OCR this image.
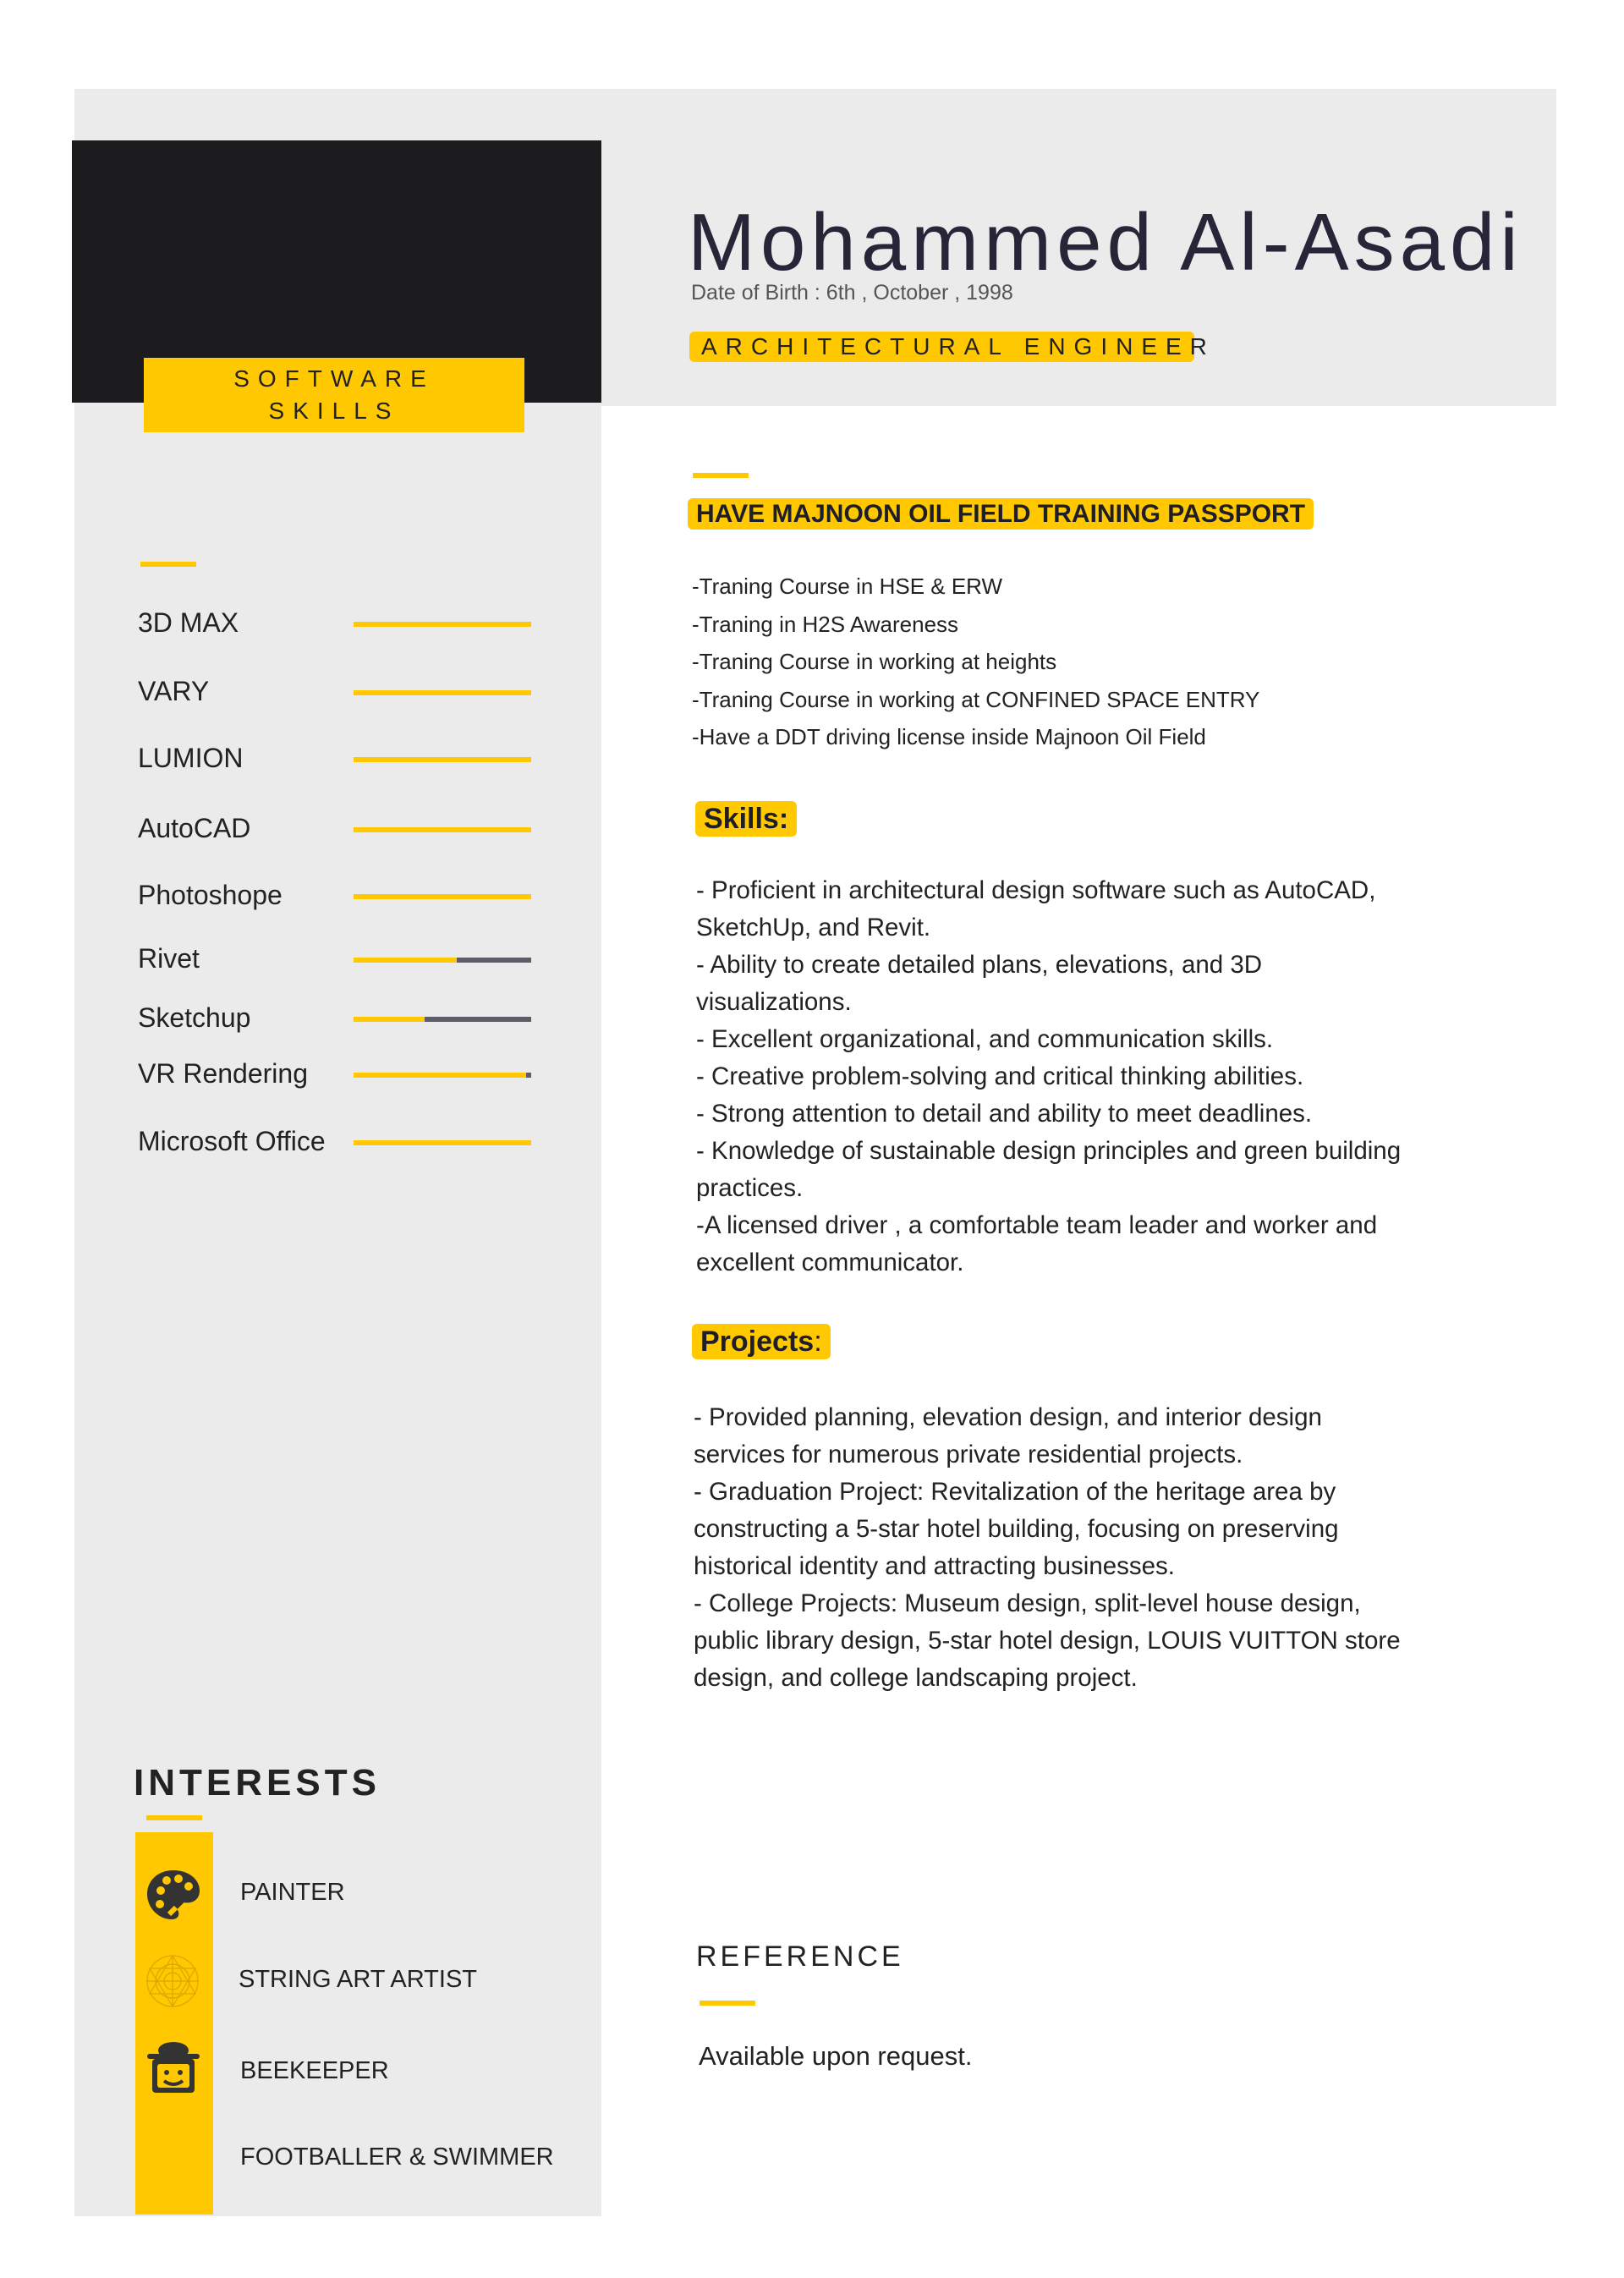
SOFTWARE SKILLS
Mohammed Al-Asadi
Date of Birth : 6th , October , 1998
ARCHITECTURAL ENGINEER
3D MAX
VARY
LUMION
AutoCAD
Photoshope
Rivet
Sketchup
VR Rendering
Microsoft Office
INTERESTS
PAINTER
STRING ART ARTIST
BEEKEEPER
FOOTBALLER & SWIMMER
HAVE MAJNOON OIL FIELD TRAINING PASSPORT
-Traning Course in HSE & ERW
-Traning in H2S Awareness
-Traning Course in working at heights
-Traning Course in working at CONFINED SPACE ENTRY
-Have a DDT driving license inside Majnoon Oil Field
Skills:
- Proficient in architectural design software such as AutoCAD,
SketchUp, and Revit.
- Ability to create detailed plans, elevations, and 3D
visualizations.
- Excellent organizational, and communication skills.
- Creative problem-solving and critical thinking abilities.
- Strong attention to detail and ability to meet deadlines.
- Knowledge of sustainable design principles and green building
practices.
-A licensed driver , a comfortable team leader and worker and
excellent communicator.
Projects:
- Provided planning, elevation design, and interior design
services for numerous private residential projects.
- Graduation Project: Revitalization of the heritage area by
constructing a 5-star hotel building, focusing on preserving
historical identity and attracting businesses.
- College Projects: Museum design, split-level house design,
public library design, 5-star hotel design, LOUIS VUITTON store
design, and college landscaping project.
REFERENCE
Available upon request.
